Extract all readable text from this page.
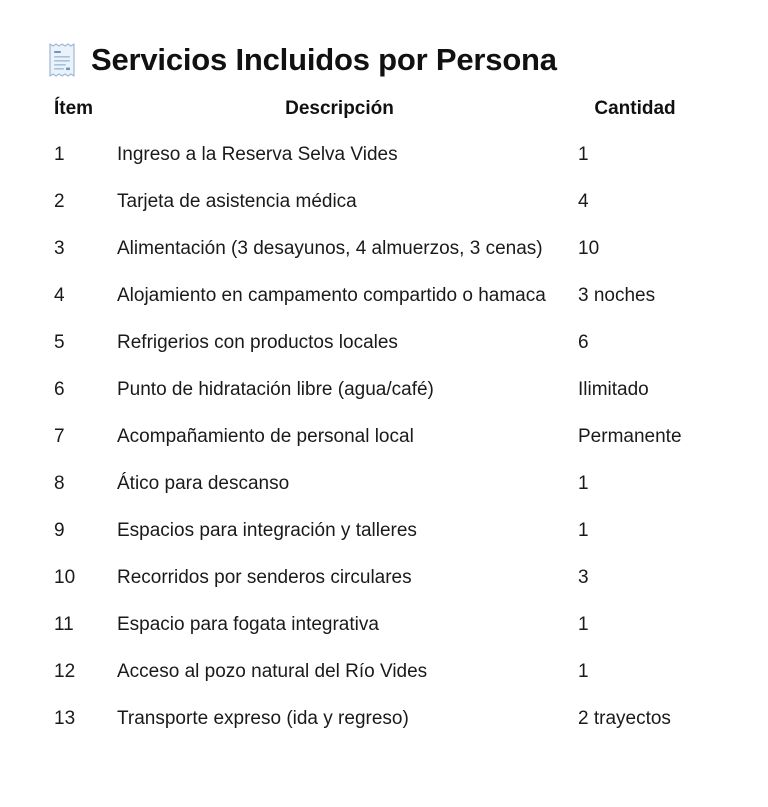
Servicios Incluidos por Persona
Ítem	Descripción	Cantidad
1	Ingreso a la Reserva Selva Vides	1
2	Tarjeta de asistencia médica	4
3	Alimentación (3 desayunos, 4 almuerzos, 3 cenas)	10
4	Alojamiento en campamento compartido o hamaca	3 noches
5	Refrigerios con productos locales	6
6	Punto de hidratación libre (agua/café)	Ilimitado
7	Acompañamiento de personal local	Permanente
8	Ático para descanso	1
9	Espacios para integración y talleres	1
10	Recorridos por senderos circulares	3
11	Espacio para fogata integrativa	1
12	Acceso al pozo natural del Río Vides	1
13	Transporte expreso (ida y regreso)	2 trayectos
